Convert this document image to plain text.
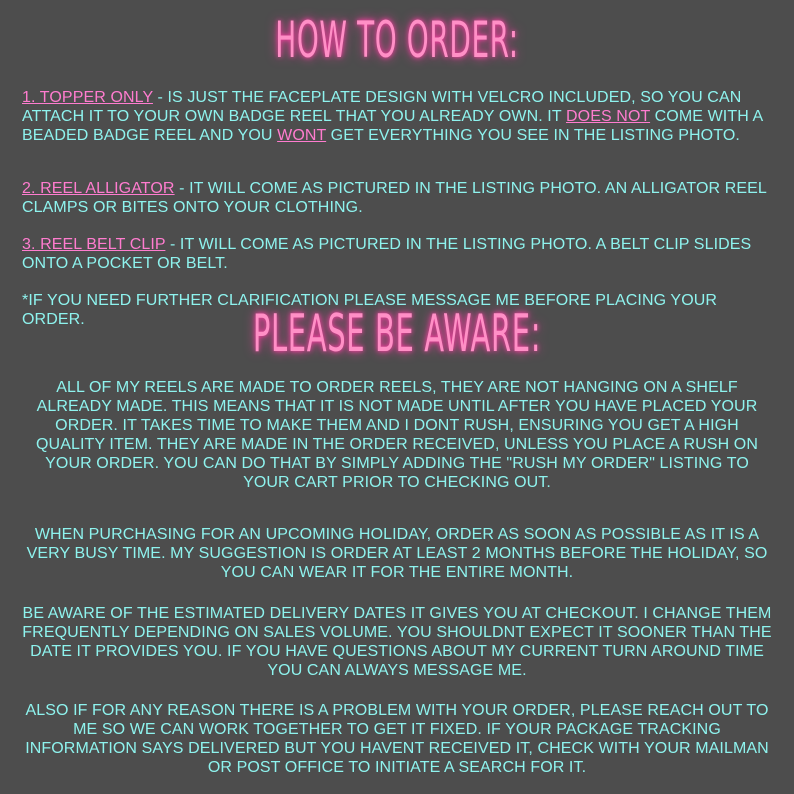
HOW TO ORDER:

1. TOPPER ONLY - IS JUST THE FACEPLATE DESIGN WITH VELCRO INCLUDED, SO YOU CAN ATTACH IT TO YOUR OWN BADGE REEL THAT YOU ALREADY OWN. IT DOES NOT COME WITH A BEADED BADGE REEL AND YOU WONT GET EVERYTHING YOU SEE IN THE LISTING PHOTO.

2. REEL ALLIGATOR - IT WILL COME AS PICTURED IN THE LISTING PHOTO. AN ALLIGATOR REEL CLAMPS OR BITES ONTO YOUR CLOTHING.

3. REEL BELT CLIP - IT WILL COME AS PICTURED IN THE LISTING PHOTO. A BELT CLIP SLIDES ONTO A POCKET OR BELT.

*IF YOU NEED FURTHER CLARIFICATION PLEASE MESSAGE ME BEFORE PLACING YOUR ORDER.	PLEASE BE AWARE:

ALL OF MY REELS ARE MADE TO ORDER REELS, THEY ARE NOT HANGING ON A SHELF ALREADY MADE. THIS MEANS THAT IT IS NOT MADE UNTIL AFTER YOU HAVE PLACED YOUR ORDER. IT TAKES TIME TO MAKE THEM AND I DONT RUSH, ENSURING YOU GET A HIGH QUALITY ITEM. THEY ARE MADE IN THE ORDER RECEIVED, UNLESS YOU PLACE A RUSH ON YOUR ORDER. YOU CAN DO THAT BY SIMPLY ADDING THE "RUSH MY ORDER" LISTING TO YOUR CART PRIOR TO CHECKING OUT.

WHEN PURCHASING FOR AN UPCOMING HOLIDAY, ORDER AS SOON AS POSSIBLE AS IT IS A VERY BUSY TIME. MY SUGGESTION IS ORDER AT LEAST 2 MONTHS BEFORE THE HOLIDAY, SO YOU CAN WEAR IT FOR THE ENTIRE MONTH.

BE AWARE OF THE ESTIMATED DELIVERY DATES IT GIVES YOU AT CHECKOUT. I CHANGE THEM FREQUENTLY DEPENDING ON SALES VOLUME. YOU SHOULDNT EXPECT IT SOONER THAN THE DATE IT PROVIDES YOU. IF YOU HAVE QUESTIONS ABOUT MY CURRENT TURN AROUND TIME YOU CAN ALWAYS MESSAGE ME.

ALSO IF FOR ANY REASON THERE IS A PROBLEM WITH YOUR ORDER, PLEASE REACH OUT TO ME SO WE CAN WORK TOGETHER TO GET IT FIXED. IF YOUR PACKAGE TRACKING INFORMATION SAYS DELIVERED BUT YOU HAVENT RECEIVED IT, CHECK WITH YOUR MAILMAN OR POST OFFICE TO INITIATE A SEARCH FOR IT.
